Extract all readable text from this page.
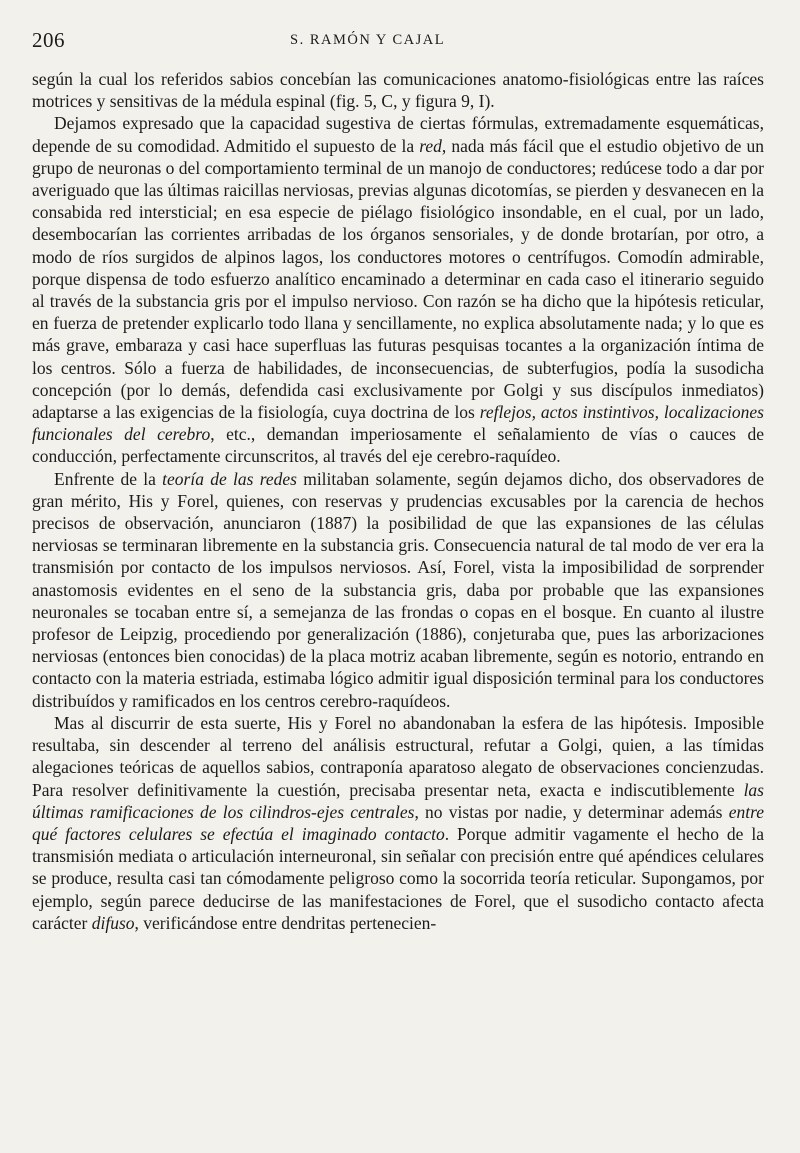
206	S. RAMÓN Y CAJAL

según la cual los referidos sabios concebían las comunicaciones anatomo-fisiológicas entre las raíces motrices y sensitivas de la médula espinal (fig. 5, C, y figura 9, I).

Dejamos expresado que la capacidad sugestiva de ciertas fórmulas, extremadamente esquemáticas, depende de su comodidad. Admitido el supuesto de la red, nada más fácil que el estudio objetivo de un grupo de neuronas o del comportamiento terminal de un manojo de conductores; redúcese todo a dar por averiguado que las últimas raicillas nerviosas, previas algunas dicotomías, se pierden y desvanecen en la consabida red intersticial; en esa especie de piélago fisiológico insondable, en el cual, por un lado, desembocarían las corrientes arribadas de los órganos sensoriales, y de donde brotarían, por otro, a modo de ríos surgidos de alpinos lagos, los conductores motores o centrífugos. Comodín admirable, porque dispensa de todo esfuerzo analítico encaminado a determinar en cada caso el itinerario seguido al través de la substancia gris por el impulso nervioso. Con razón se ha dicho que la hipótesis reticular, en fuerza de pretender explicarlo todo llana y sencillamente, no explica absolutamente nada; y lo que es más grave, embaraza y casi hace superfluas las futuras pesquisas tocantes a la organización íntima de los centros. Sólo a fuerza de habilidades, de inconsecuencias, de subterfugios, podía la susodicha concepción (por lo demás, defendida casi exclusivamente por Golgi y sus discípulos inmediatos) adaptarse a las exigencias de la fisiología, cuya doctrina de los reflejos, actos instintivos, localizaciones funcionales del cerebro, etc., demandan imperiosamente el señalamiento de vías o cauces de conducción, perfectamente circunscritos, al través del eje cerebro-raquídeo.

Enfrente de la teoría de las redes militaban solamente, según dejamos dicho, dos observadores de gran mérito, His y Forel, quienes, con reservas y prudencias excusables por la carencia de hechos precisos de observación, anunciaron (1887) la posibilidad de que las expansiones de las células nerviosas se terminaran libremente en la substancia gris. Consecuencia natural de tal modo de ver era la transmisión por contacto de los impulsos nerviosos. Así, Forel, vista la imposibilidad de sorprender anastomosis evidentes en el seno de la substancia gris, daba por probable que las expansiones neuronales se tocaban entre sí, a semejanza de las frondas o copas en el bosque. En cuanto al ilustre profesor de Leipzig, procediendo por generalización (1886), conjeturaba que, pues las arborizaciones nerviosas (entonces bien conocidas) de la placa motriz acaban libremente, según es notorio, entrando en contacto con la materia estriada, estimaba lógico admitir igual disposición terminal para los conductores distribuídos y ramificados en los centros cerebro-raquídeos.

Mas al discurrir de esta suerte, His y Forel no abandonaban la esfera de las hipótesis. Imposible resultaba, sin descender al terreno del análisis estructural, refutar a Golgi, quien, a las tímidas alegaciones teóricas de aquellos sabios, contraponía aparatoso alegato de observaciones concienzudas. Para resolver definitivamente la cuestión, precisaba presentar neta, exacta e indiscutiblemente las últimas ramificaciones de los cilindros-ejes centrales, no vistas por nadie, y determinar además entre qué factores celulares se efectúa el imaginado contacto. Porque admitir vagamente el hecho de la transmisión mediata o articulación interneuronal, sin señalar con precisión entre qué apéndices celulares se produce, resulta casi tan cómodamente peligroso como la socorrida teoría reticular. Supongamos, por ejemplo, según parece deducirse de las manifestaciones de Forel, que el susodicho contacto afecta carácter difuso, verificándose entre dendritas pertenecien-
